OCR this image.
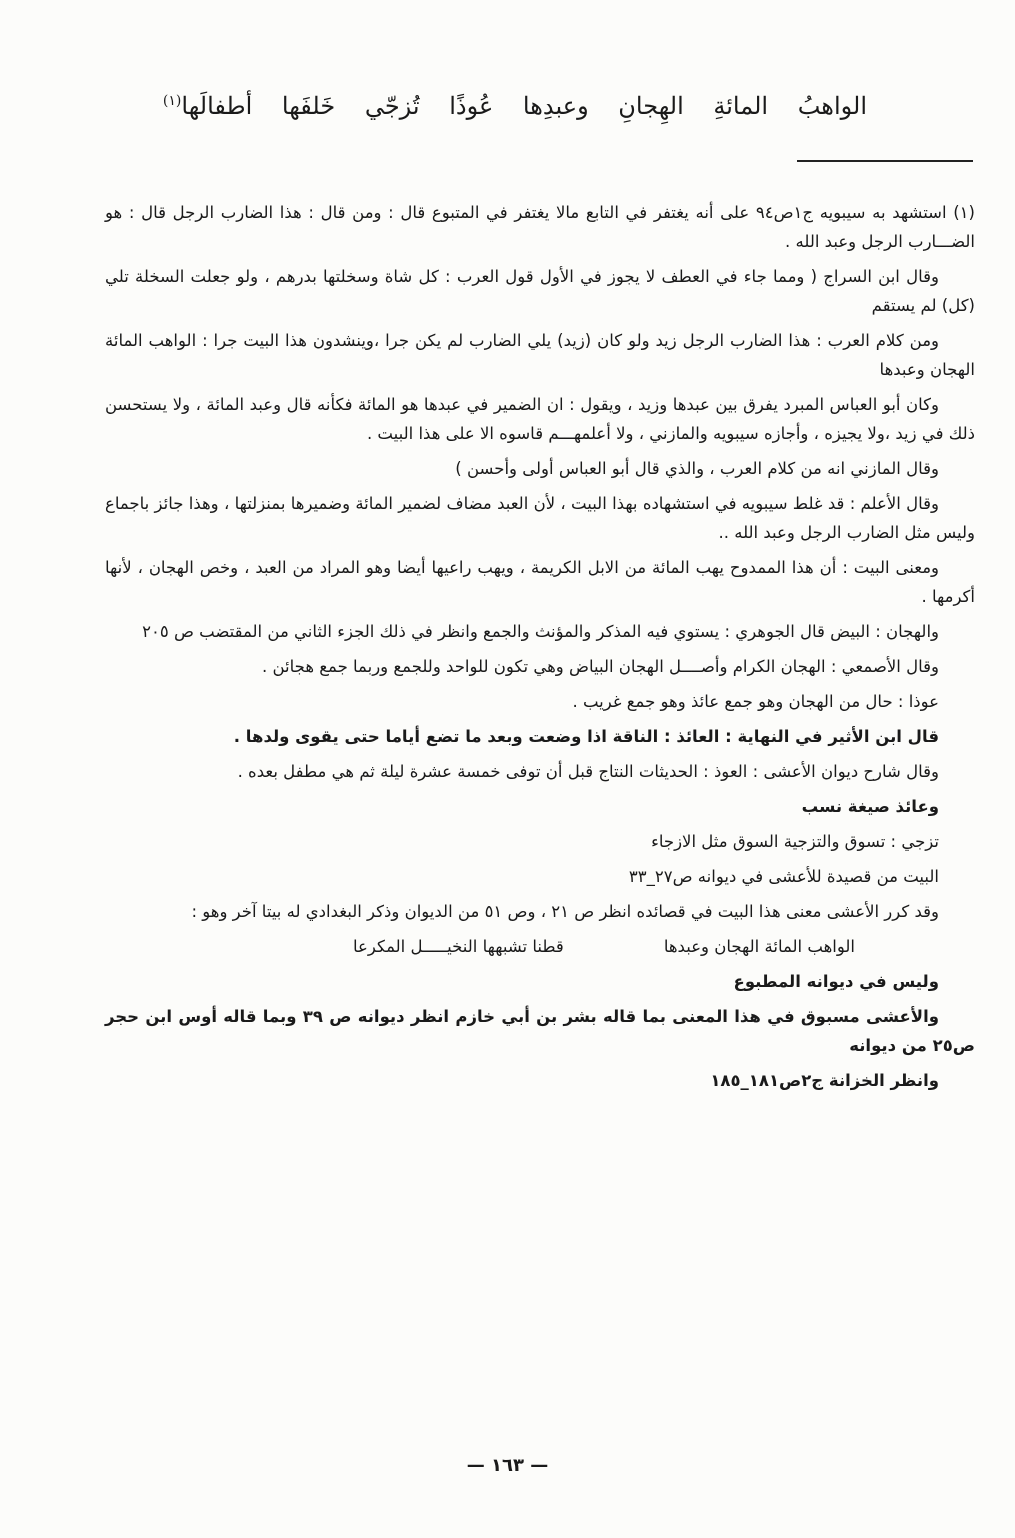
الواهبُ المائةِ الهِجانِ وعبدِها عُوذًا تُزجّي خَلفَها أطفالَها$^{(١)}$

(١) استشهد به سيبويه ج١ص٩٤ على أنه يغتفر في التابع مالا يغتفر في المتبوع قال : ومن قال : هذا الضارب الرجل قال : هو الضـــارب الرجل وعبد الله .

وقال ابن السراج ( ومما جاء في العطف لا يجوز في الأول قول العرب : كل شاة وسخلتها بدرهم ، ولو جعلت السخلة تلي (كل) لم يستقم

ومن كلام العرب : هذا الضارب الرجل زيد ولو كان (زيد) يلي الضارب لم يكن جرا ،وينشدون هذا البيت جرا : الواهب المائة الهجان وعبدها

وكان أبو العباس المبرد يفرق بين عبدها وزيد ، ويقول : ان الضمير في عبدها هو المائة فكأنه قال وعبد المائة ، ولا يستحسن ذلك في زيد ،ولا يجيزه ، وأجازه سيبويه والمازني ، ولا أعلمهـــم قاسوه الا على هذا البيت .

وقال المازني انه من كلام العرب ، والذي قال أبو العباس أولى وأحسن )

وقال الأعلم : قد غلط سيبويه في استشهاده بهذا البيت ، لأن العبد مضاف لضمير المائة وضميرها بمنزلتها ، وهذا جائز باجماع وليس مثل الضارب الرجل وعبد الله ..

ومعنى البيت : أن هذا الممدوح يهب المائة من الابل الكريمة ، ويهب راعيها أيضا وهو المراد من العبد ، وخص الهجان ، لأنها أكرمها .

والهجان : البيض قال الجوهري : يستوي فيه المذكر والمؤنث والجمع وانظر في ذلك الجزء الثاني من المقتضب ص ٢٠٥

وقال الأصمعي : الهجان الكرام وأصــــل الهجان البياض وهي تكون للواحد وللجمع وربما جمع هجائن .

عوذا : حال من الهجان وهو جمع عائذ وهو جمع غريب .

قال ابن الأثير في النهاية : العائذ : الناقة اذا وضعت وبعد ما تضع أياما حتى يقوى ولدها .

وقال شارح ديوان الأعشى : العوذ : الحديثات النتاج قبل أن توفى خمسة عشرة ليلة ثم هي مطفل بعده .

وعائذ صيغة نسب

تزجي : تسوق والتزجية السوق مثل الازجاء

البيت من قصيدة للأعشى في ديوانه ص٢٧_٣٣

وقد كرر الأعشى معنى هذا البيت في قصائده انظر ص ٢١ ، وص ٥١ من الديوان وذكر البغدادي له بيتا آخر وهو :

الواهب المائة الهجان وعبدها
قطنا تشبهها النخيـــــل المكرعا

وليس في ديوانه المطبوع

والأعشى مسبوق في هذا المعنى بما قاله بشر بن أبي خازم انظر ديوانه ص ٣٩ وبما قاله أوس ابن حجر ص٢٥ من ديوانه

وانظر الخزانة ج٢ص١٨١_١٨٥

— ١٦٣ —
